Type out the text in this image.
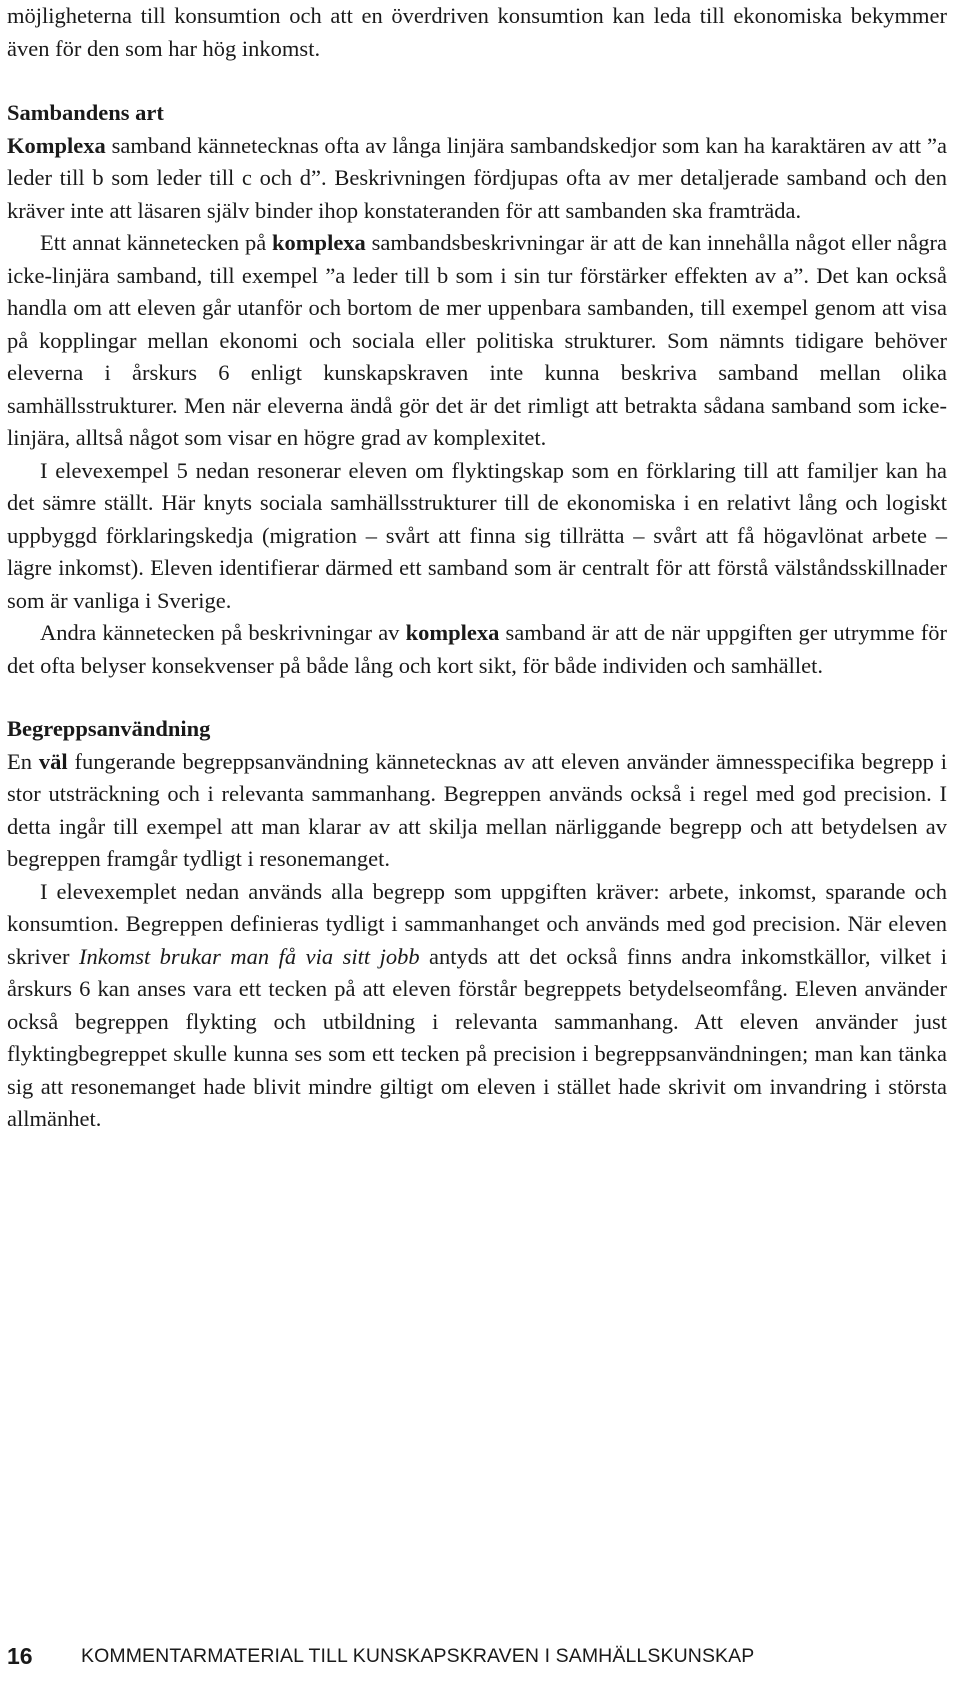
möjligheterna till konsumtion och att en överdriven konsumtion kan leda till ekonomiska bekymmer även för den som har hög inkomst.

Sambandens art

Komplexa samband kännetecknas ofta av långa linjära sambandskedjor som kan ha karaktären av att ”a leder till b som leder till c och d”. Beskrivningen fördjupas ofta av mer detaljerade samband och den kräver inte att läsaren själv binder ihop konstateranden för att sambanden ska framträda.

Ett annat kännetecken på komplexa sambandsbeskrivningar är att de kan innehålla något eller några icke-linjära samband, till exempel ”a leder till b som i sin tur förstärker effekten av a”. Det kan också handla om att eleven går utanför och bortom de mer uppenbara sambanden, till exempel genom att visa på kopplingar mellan ekonomi och sociala eller politiska strukturer. Som nämnts tidigare behöver eleverna i årskurs 6 enligt kunskapskraven inte kunna beskriva samband mellan olika samhällsstrukturer. Men när eleverna ändå gör det är det rimligt att betrakta sådana samband som icke-linjära, alltså något som visar en högre grad av komplexitet.

I elevexempel 5 nedan resonerar eleven om flyktingskap som en förklaring till att familjer kan ha det sämre ställt. Här knyts sociala samhällsstrukturer till de ekonomiska i en relativt lång och logiskt uppbyggd förklaringskedja (migration – svårt att finna sig tillrätta – svårt att få högavlönat arbete – lägre inkomst). Eleven identifierar därmed ett samband som är centralt för att förstå välståndsskillnader som är vanliga i Sverige.

Andra kännetecken på beskrivningar av komplexa samband är att de när uppgiften ger utrymme för det ofta belyser konsekvenser på både lång och kort sikt, för både individen och samhället.

Begreppsanvändning

En väl fungerande begreppsanvändning kännetecknas av att eleven använder ämnesspecifika begrepp i stor utsträckning och i relevanta sammanhang. Begreppen används också i regel med god precision. I detta ingår till exempel att man klarar av att skilja mellan närliggande begrepp och att betydelsen av begreppen framgår tydligt i resonemanget.

I elevexemplet nedan används alla begrepp som uppgiften kräver: arbete, inkomst, sparande och konsumtion. Begreppen definieras tydligt i sammanhanget och används med god precision. När eleven skriver Inkomst brukar man få via sitt jobb antyds att det också finns andra inkomstkällor, vilket i årskurs 6 kan anses vara ett tecken på att eleven förstår begreppets betydelseomfång. Eleven använder också begreppen flykting och utbildning i relevanta sammanhang. Att eleven använder just flyktingbegreppet skulle kunna ses som ett tecken på precision i begreppsanvändningen; man kan tänka sig att resonemanget hade blivit mindre giltigt om eleven i stället hade skrivit om invandring i största allmänhet.

16 KOMMENTARMATERIAL TILL KUNSKAPSKRAVEN I SAMHÄLLSKUNSKAP
